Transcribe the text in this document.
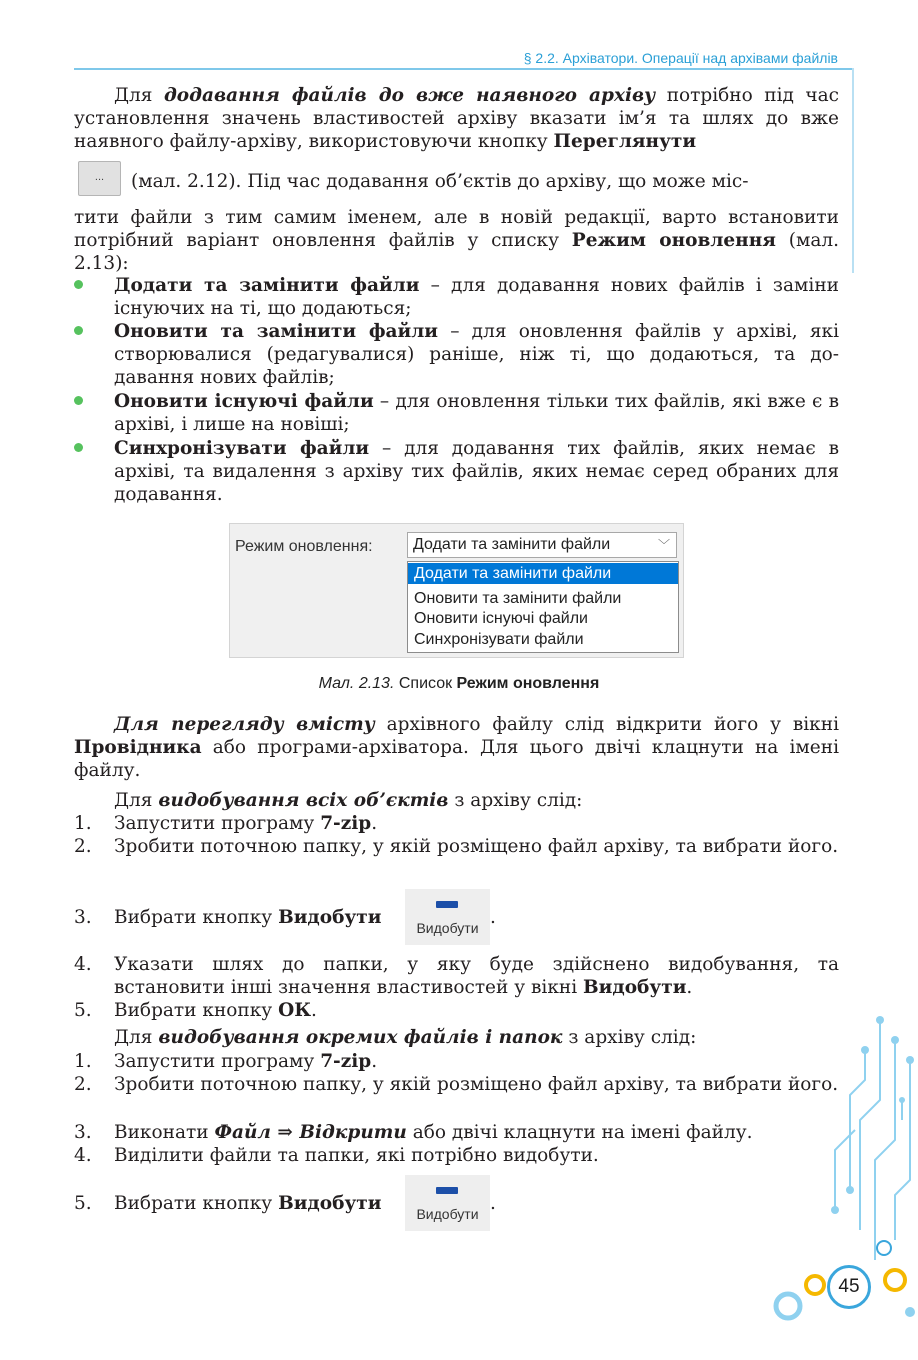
§ 2.2. Архіватори. Операції над архівами файлів

Для додавання файлів до вже наявного архіву потрібно під час установлення значень властивостей архіву вказати ім’я та шлях до вже наявного файлу-архіву, використовуючи кнопку Переглянути

(мал. 2.12). Під час додавання об’єктів до архіву, що може міс-

тити файли з тим самим іменем, але в новій редакції, варто встановити потрібний варіант оновлення файлів у списку Режим оновлення (мал. 2.13):

Додати та замінити файли – для додавання нових файлів і заміни існуючих на ті, що додаються;

Оновити та замінити файли – для оновлення файлів у архіві, які створювалися (редагувалися) раніше, ніж ті, що додаються, та додавання нових файлів;

Оновити існуючі файли – для оновлення тільки тих файлів, які вже є в архіві, і лише на новіші;

Синхронізувати файли – для додавання тих файлів, яких немає в архіві, та видалення з архіву тих файлів, яких немає серед обраних для додавання.

Для перегляду вмісту архівного файлу слід відкрити його у вікні Провідника або програми-архіватора. Для цього двічі клацнути на імені файлу.

Для видобування всіх об’єктів з архіву слід:

1. Запустити програму 7-zip.

2. Зробити поточною папку, у якій розміщено файл архіву, та вибрати його.

3. Вибрати кнопку Видобути	.
4. Указати шлях до папки, у яку буде здійснено видобування, та встановити інші значення властивостей у вікні Видобути.

5. Вибрати кнопку ОК.

Для видобування окремих файлів і папок з архіву слід:

1. Запустити програму 7-zip.

2. Зробити поточною папку, у якій розміщено файл архіву, та вибрати його.

3. Виконати Файл ⇒ Відкрити або двічі клацнути на імені файлу.

4. Виділити файли та папки, які потрібно видобути.

5. Вибрати кнопку Видобути	.
...
Режим оновлення:	Додати та замінити файли	﹀
Додати та замінити файли
Оновити та замінити файли
Оновити існуючі файли
Синхронізувати файли
Мал. 2.13. Список Режим оновлення
Видобути
Видобути
45
